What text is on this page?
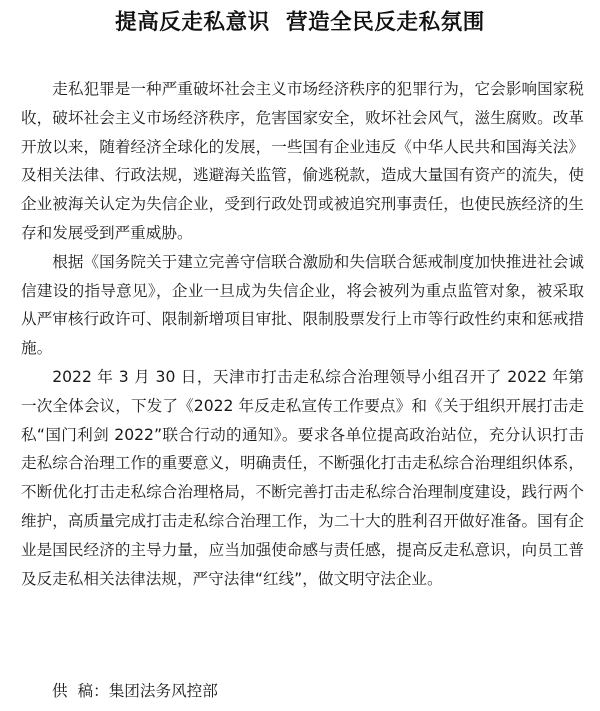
提高反走私意识  营造全民反走私氛围

走私犯罪是一种严重破坏社会主义市场经济秩序的犯罪行为，它会影响国家税收，破坏社会主义市场经济秩序，危害国家安全，败坏社会风气，滋生腐败。改革开放以来，随着经济全球化的发展，一些国有企业违反《中华人民共和国海关法》及相关法律、行政法规，逃避海关监管，偷逃税款，造成大量国有资产的流失，使企业被海关认定为失信企业，受到行政处罚或被追究刑事责任，也使民族经济的生存和发展受到严重威胁。

根据《国务院关于建立完善守信联合激励和失信联合惩戒制度加快推进社会诚信建设的指导意见》，企业一旦成为失信企业，将会被列为重点监管对象，被采取从严审核行政许可、限制新增项目审批、限制股票发行上市等行政性约束和惩戒措施。

2022 年 3 月 30 日，天津市打击走私综合治理领导小组召开了 2022 年第一次全体会议，下发了《2022 年反走私宣传工作要点》和《关于组织开展打击走私“国门利剑 2022”联合行动的通知》。要求各单位提高政治站位，充分认识打击走私综合治理工作的重要意义，明确责任，不断强化打击走私综合治理组织体系，不断优化打击走私综合治理格局，不断完善打击走私综合治理制度建设，践行两个维护，高质量完成打击走私综合治理工作，为二十大的胜利召开做好准备。国有企业是国民经济的主导力量，应当加强使命感与责任感，提高反走私意识，向员工普及反走私相关法律法规，严守法律“红线”，做文明守法企业。

供  稿：集团法务风控部
